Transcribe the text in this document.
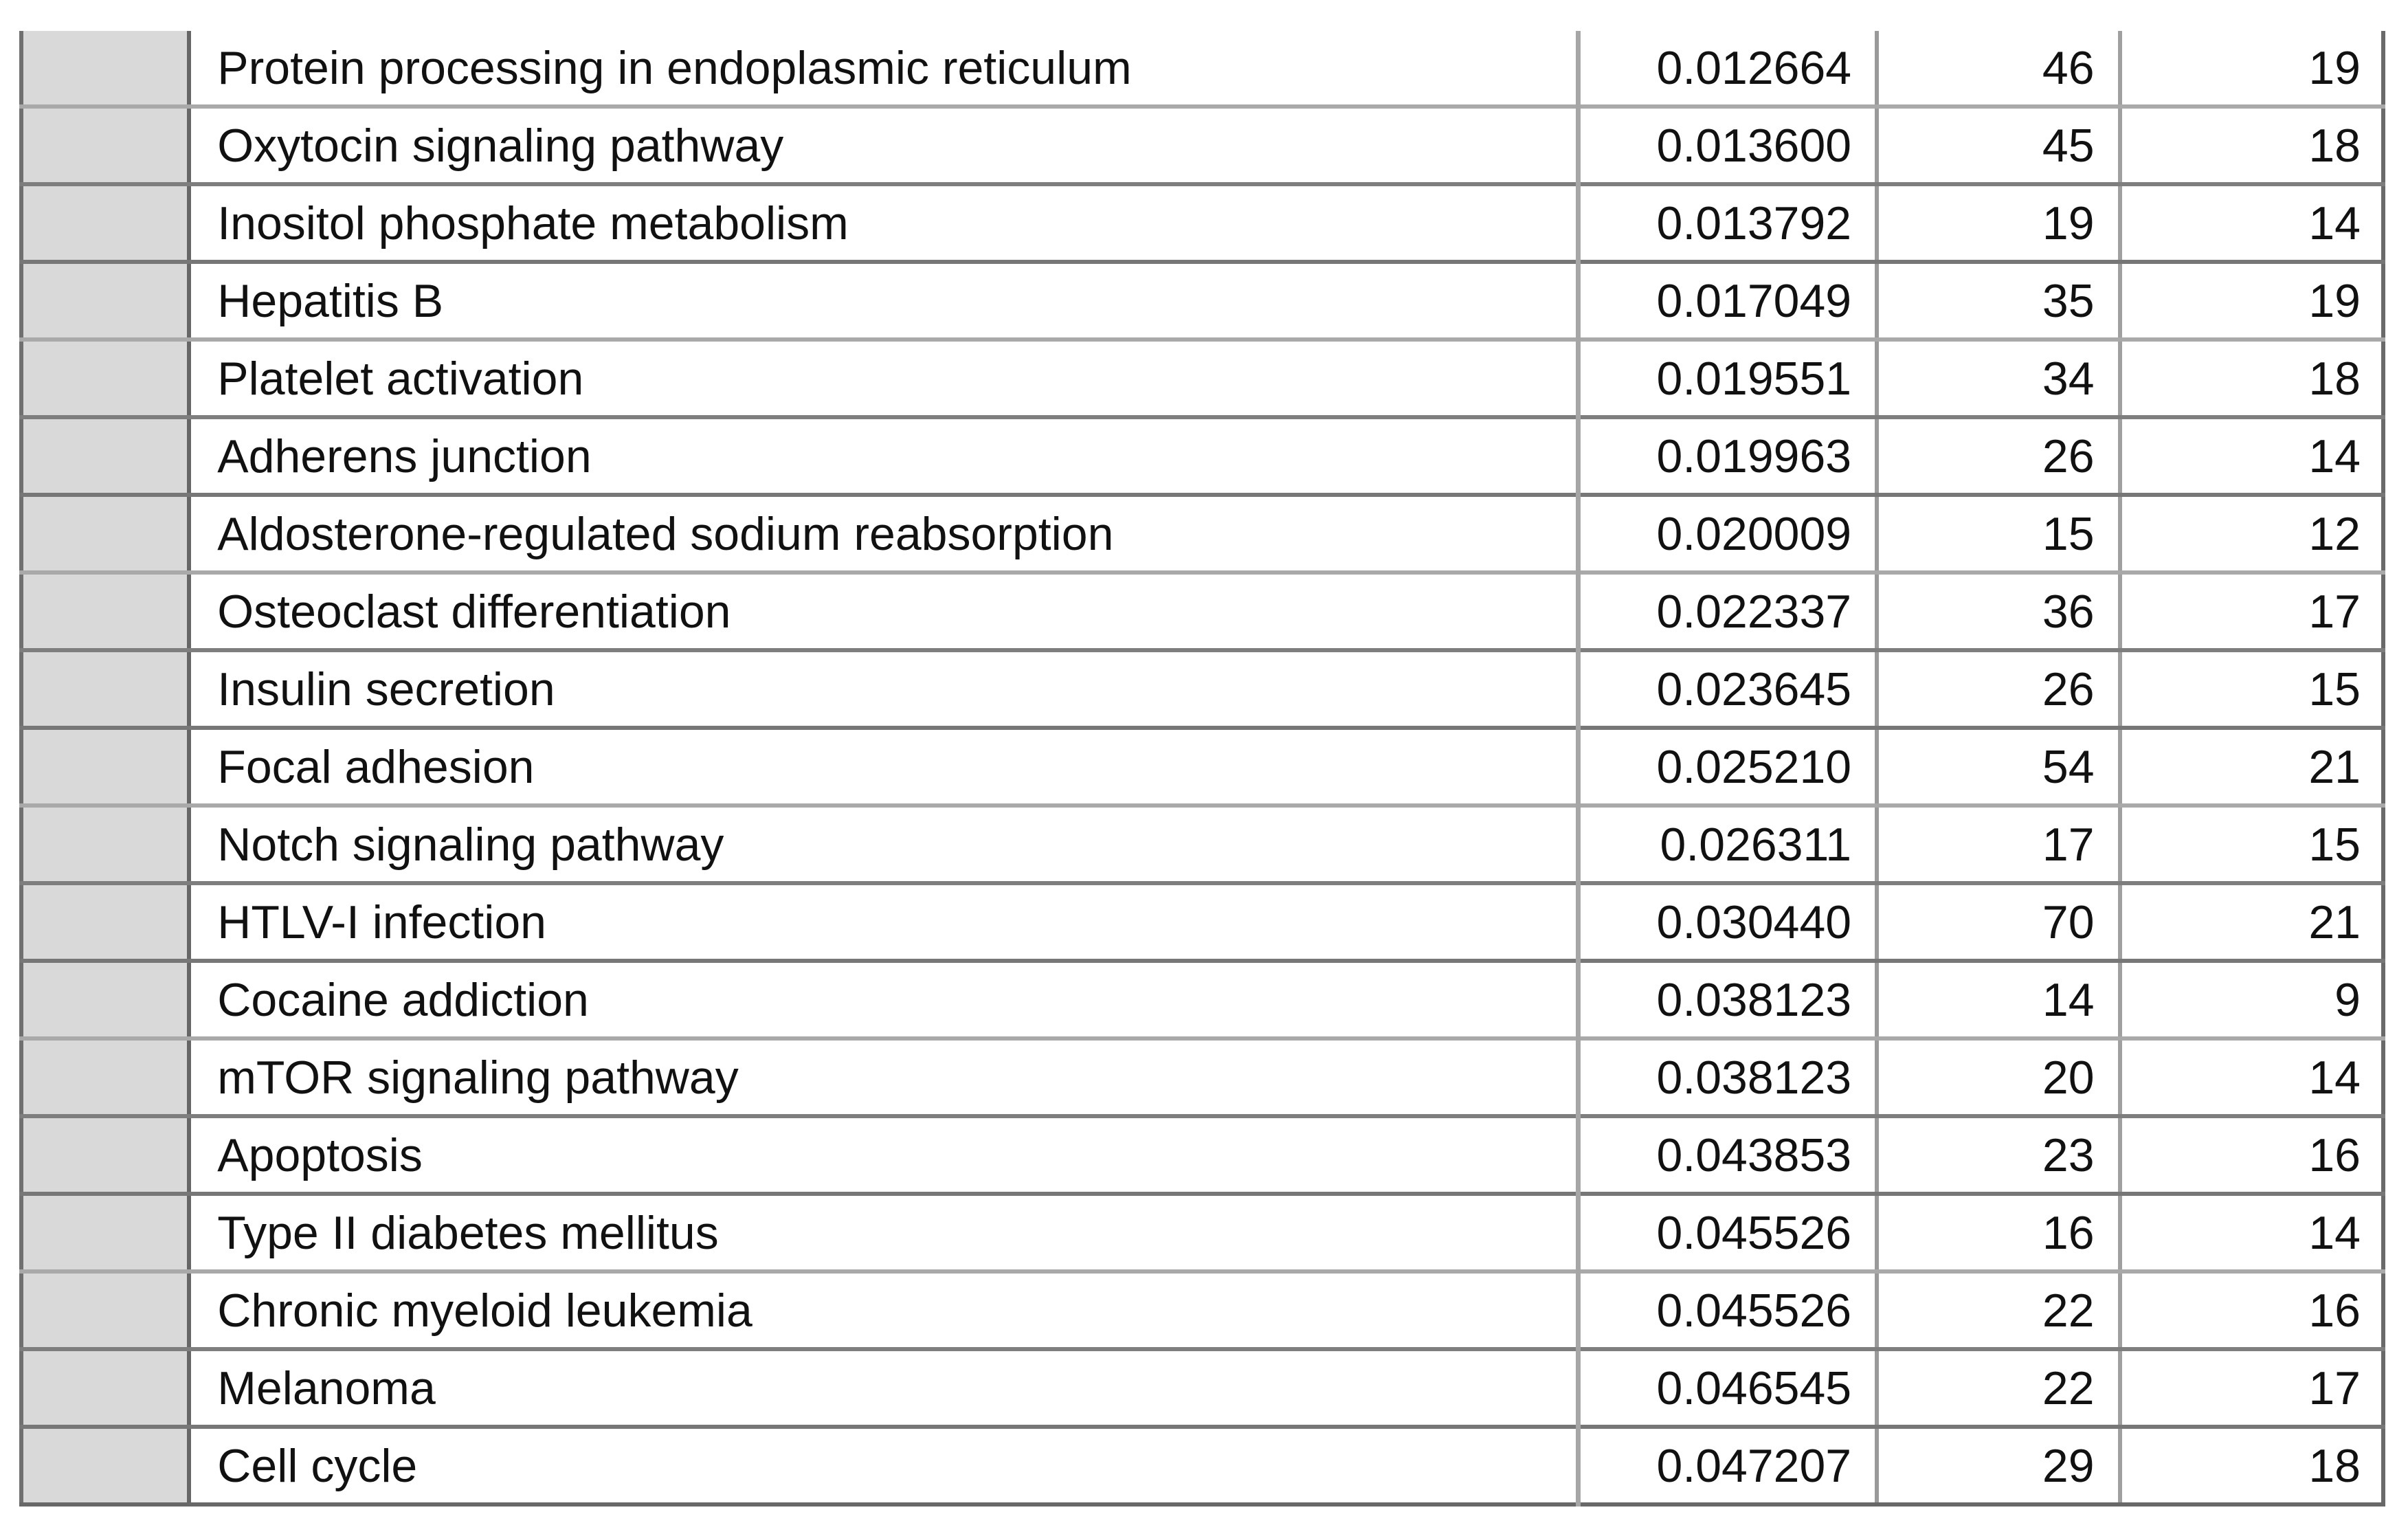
	Protein processing in endoplasmic reticulum	0.012664	46	19
	Oxytocin signaling pathway	0.013600	45	18
	Inositol phosphate metabolism	0.013792	19	14
	Hepatitis B	0.017049	35	19
	Platelet activation	0.019551	34	18
	Adherens junction	0.019963	26	14
	Aldosterone-regulated sodium reabsorption	0.020009	15	12
	Osteoclast differentiation	0.022337	36	17
	Insulin secretion	0.023645	26	15
	Focal adhesion	0.025210	54	21
	Notch signaling pathway	0.026311	17	15
	HTLV-I infection	0.030440	70	21
	Cocaine addiction	0.038123	14	9
	mTOR signaling pathway	0.038123	20	14
	Apoptosis	0.043853	23	16
	Type II diabetes mellitus	0.045526	16	14
	Chronic myeloid leukemia	0.045526	22	16
	Melanoma	0.046545	22	17
	Cell cycle	0.047207	29	18
